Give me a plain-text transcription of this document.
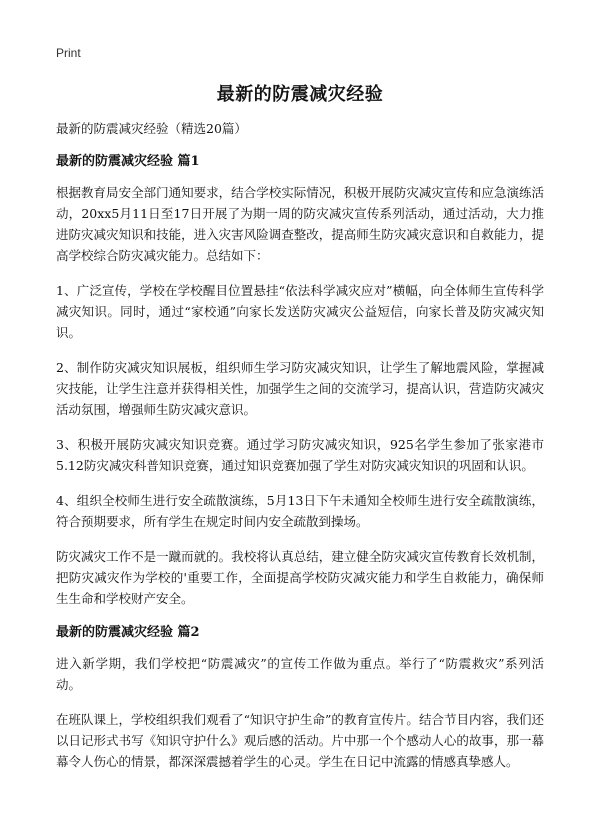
Print
最新的防震减灾经验

最新的防震减灾经验（精选20篇）

最新的防震减灾经验 篇1

根据教育局安全部门通知要求，结合学校实际情况，积极开展防灾减灾宣传和应急演练活动，20xx5月11日至17日开展了为期一周的防灾减灾宣传系列活动，通过活动，大力推进防灾减灾知识和技能，进入灾害风险调查整改，提高师生防灾减灾意识和自救能力，提高学校综合防灾减灾能力。总结如下：

1、广泛宣传，学校在学校醒目位置悬挂“依法科学减灾应对”横幅，向全体师生宣传科学减灾知识。同时，通过“家校通”向家长发送防灾减灾公益短信，向家长普及防灾减灾知识。

2、制作防灾减灾知识展板，组织师生学习防灾减灾知识，让学生了解地震风险，掌握减灾技能，让学生注意并获得相关性，加强学生之间的交流学习，提高认识，营造防灾减灾活动氛围，增强师生防灾减灾意识。

3、积极开展防灾减灾知识竞赛。通过学习防灾减灾知识，925名学生参加了张家港市5.12防灾减灾科普知识竞赛，通过知识竞赛加强了学生对防灾减灾知识的巩固和认识。

4、组织全校师生进行安全疏散演练，5月13日下午未通知全校师生进行安全疏散演练，符合预期要求，所有学生在规定时间内安全疏散到操场。

防灾减灾工作不是一蹴而就的。我校将认真总结，建立健全防灾减灾宣传教育长效机制，把防灾减灾作为学校的'重要工作，全面提高学校防灾减灾能力和学生自救能力，确保师生生命和学校财产安全。

最新的防震减灾经验 篇2

进入新学期，我们学校把“防震减灾”的宣传工作做为重点。举行了“防震救灾”系列活动。

在班队课上，学校组织我们观看了“知识守护生命”的教育宣传片。结合节目内容，我们还以日记形式书写《知识守护什么》观后感的活动。片中那一个个感动人心的故事，那一幕幕令人伤心的情景，都深深震撼着学生的心灵。学生在日记中流露的情感真挚感人。
